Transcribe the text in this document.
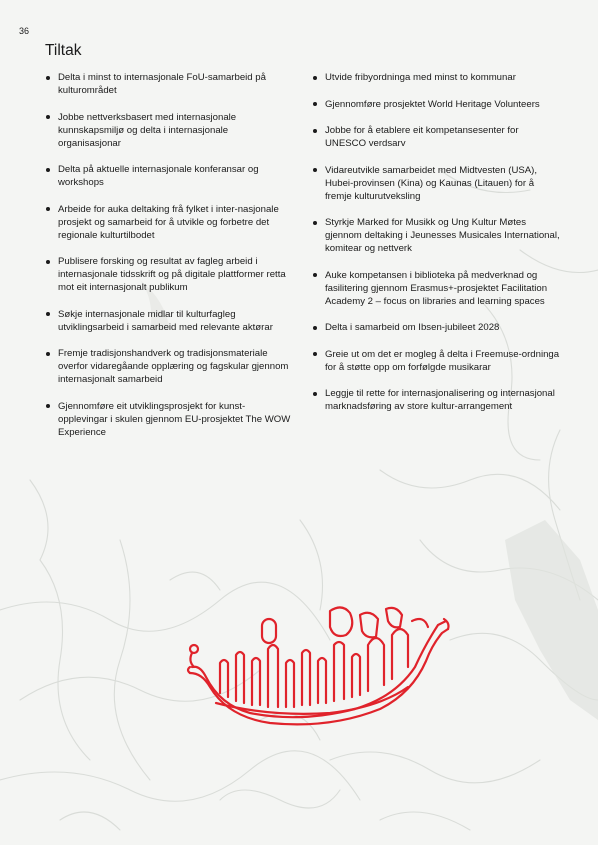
36
Tiltak
Delta i minst to internasjonale FoU-samarbeid på kulturområdet
Jobbe nettverksbasert med internasjonale kunnskapsmiljø og delta i internasjonale organisasjonar
Delta på aktuelle internasjonale konferansar og workshops
Arbeide for auka deltaking frå fylket i inter-nasjonale prosjekt og samarbeid for å utvikle og forbetre det regionale kulturtilbodet
Publisere forsking og resultat av fagleg arbeid i internasjonale tidsskrift og på digitale plattformer retta mot eit internasjonalt publikum
Søkje internasjonale midlar til kulturfagleg utviklingsarbeid i samarbeid med relevante aktørar
Fremje tradisjonshandverk og tradisjonsmateriale overfor vidaregåande opplæring og fagskular gjennom internasjonalt samarbeid
Gjennomføre eit utviklingsprosjekt for kunst-opplevingar i skulen gjennom EU-prosjektet The WOW Experience
Utvide fribyordninga med minst to kommunar
Gjennomføre prosjektet World Heritage Volunteers
Jobbe for å etablere eit kompetansesenter for UNESCO verdsarv
Vidareutvikle samarbeidet med Midtvesten (USA), Hubei-provinsen (Kina) og Kaunas (Litauen) for å fremje kulturutveksling
Styrkje Marked for Musikk og Ung Kultur Møtes gjennom deltaking i Jeunesses Musicales International, komitear og nettverk
Auke kompetansen i biblioteka på medverknad og fasilitering gjennom Erasmus+-prosjektet Facilitation Academy 2 – focus on libraries and learning spaces
Delta i samarbeid om Ibsen-jubileet 2028
Greie ut om det er mogleg å delta i Freemuse-ordninga for å støtte opp om forfølgde musikarar
Leggje til rette for internasjonalisering og internasjonal marknadsføring av store kultur-arrangement
